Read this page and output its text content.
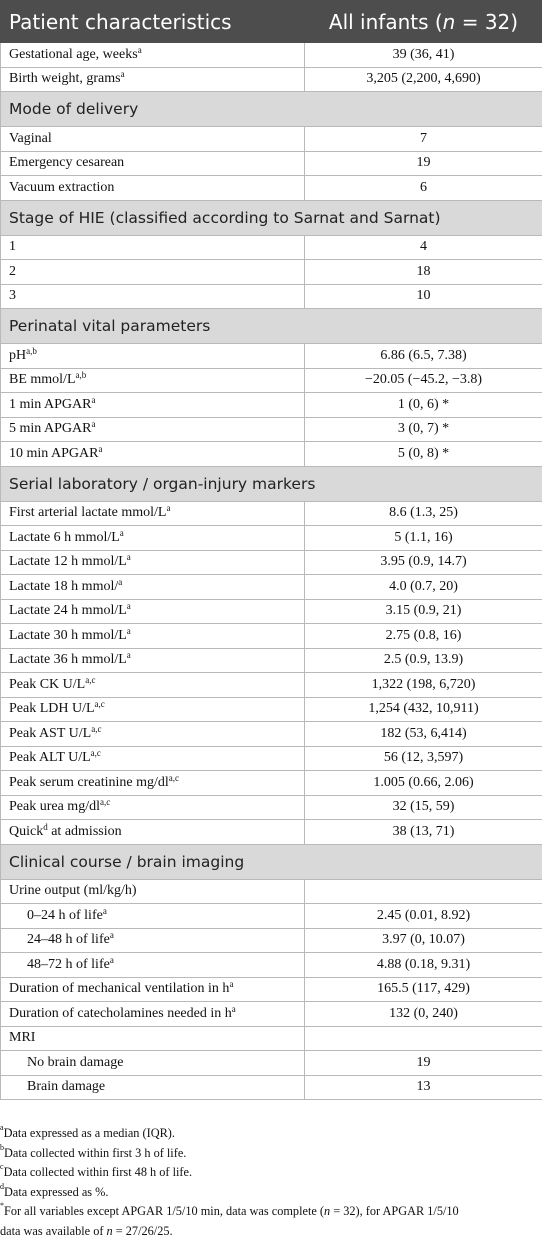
Patient characteristics	All infants (n = 32)
Gestational age, weeks$^a$	39 (36, 41)
Birth weight, grams$^a$	3,205 (2,200, 4,690)
Mode of delivery	
Vaginal	7
Emergency cesarean	19
Vacuum extraction	6
Stage of HIE (classified according to Sarnat and Sarnat)	
1	4
2	18
3	10
Perinatal vital parameters	
pH$^{a,b}$	6.86 (6.5, 7.38)
BE mmol/$L^{a,b}$	−20.05 (−45.2, −3.8)
1 min APGAR$^a$	1 (0, 6) *
5 min APGAR$^a$	3 (0, 7) *
10 min APGAR$^a$	5 (0, 8) *
Serial laboratory / organ-injury markers	
First arterial lactate mmol/$L^a$	8.6 (1.3, 25)
Lactate 6 h mmol/$L^a$	5 (1.1, 16)
Lactate 12 h mmol/$L^a$	3.95 (0.9, 14.7)
Lactate 18 h mmol/$^a$	4.0 (0.7, 20)
Lactate 24 h mmol/$L^a$	3.15 (0.9, 21)
Lactate 30 h mmol/$L^a$	2.75 (0.8, 16)
Lactate 36 h mmol/$L^a$	2.5 (0.9, 13.9)
Peak CK $U/L^{a,c}$	1,322 (198, 6,720)
Peak LDH $U/L^{a,c}$	1,254 (432, 10,911)
Peak AST $U/L^{a,c}$	182 (53, 6,414)
Peak ALT $U/L^{a,c}$	56 (12, 3,597)
Peak serum creatinine mg/dl$^{a,c}$	1.005 (0.66, 2.06)
Peak urea mg/dl$^{a,c}$	32 (15, 59)
Quick$^d$ at admission	38 (13, 71)
Clinical course / brain imaging	
Urine output (ml/kg/h)	
0–24 h of life$^a$	2.45 (0.01, 8.92)
24–48 h of life$^a$	3.97 (0, 10.07)
48–72 h of life$^a$	4.88 (0.18, 9.31)
Duration of mechanical ventilation in $h^a$	165.5 (117, 429)
Duration of catecholamines needed in $h^a$	132 (0, 240)
MRI	
No brain damage	19
Brain damage	13
$^a$Data expressed as a median (IQR).
$^b$Data collected within first 3 h of life.
$^c$Data collected within first 48 h of life.
$^d$Data expressed as %.
*For all variables except APGAR 1/5/10 min, data was complete (n = 32), for APGAR 1/5/10
data was available of n = 27/26/25.
